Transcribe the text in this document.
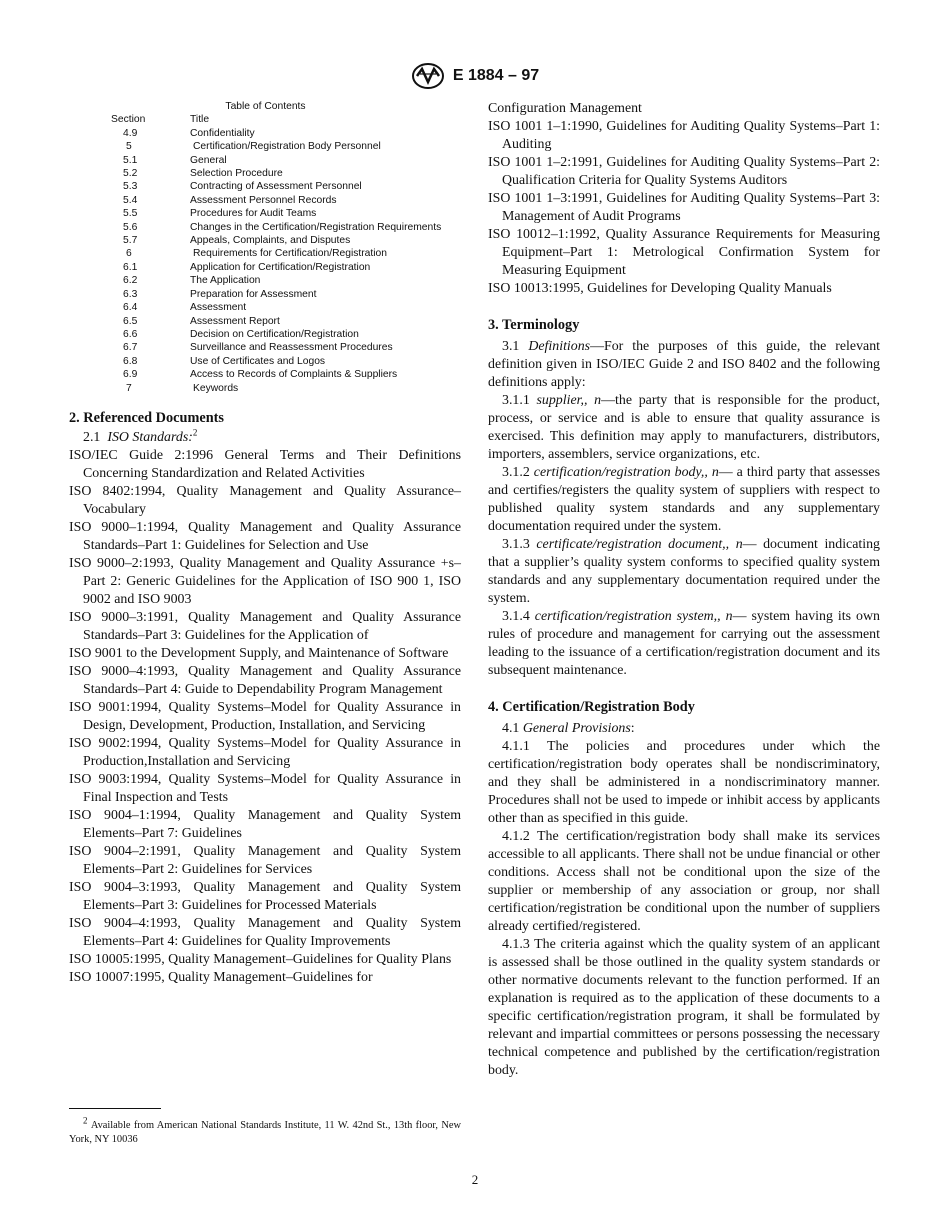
E 1884 – 97
Table of Contents
Section	Title
4.9	Confidentiality
5	Certification/Registration Body Personnel
5.1	General
5.2	Selection Procedure
5.3	Contracting of Assessment Personnel
5.4	Assessment Personnel Records
5.5	Procedures for Audit Teams
5.6	Changes in the Certification/Registration Requirements
5.7	Appeals, Complaints, and Disputes
6	Requirements for Certification/Registration
6.1	Application for Certification/Registration
6.2	The Application
6.3	Preparation for Assessment
6.4	Assessment
6.5	Assessment Report
6.6	Decision on Certification/Registration
6.7	Surveillance and Reassessment Procedures
6.8	Use of Certificates and Logos
6.9	Access to Records of Complaints & Suppliers
7	Keywords
2. Referenced Documents
2.1 ISO Standards:$^2$
ISO/IEC Guide 2:1996 General Terms and Their Definitions Concerning Standardization and Related Activities
ISO 8402:1994, Quality Management and Quality Assurance–Vocabulary
ISO 9000–1:1994, Quality Management and Quality Assurance Standards–Part 1: Guidelines for Selection and Use
ISO 9000–2:1993, Quality Management and Quality Assurance +s–Part 2: Generic Guidelines for the Application of ISO 900 1, ISO 9002 and ISO 9003
ISO 9000–3:1991, Quality Management and Quality Assurance Standards–Part 3: Guidelines for the Application of
ISO 9001 to the Development Supply, and Maintenance of Software
ISO 9000–4:1993, Quality Management and Quality Assurance Standards–Part 4: Guide to Dependability Program Management
ISO 9001:1994, Quality Systems–Model for Quality Assurance in Design, Development, Production, Installation, and Servicing
ISO 9002:1994, Quality Systems–Model for Quality Assurance in Production,Installation and Servicing
ISO 9003:1994, Quality Systems–Model for Quality Assurance in Final Inspection and Tests
ISO 9004–1:1994, Quality Management and Quality System Elements–Part 7: Guidelines
ISO 9004–2:1991, Quality Management and Quality System Elements–Part 2: Guidelines for Services
ISO 9004–3:1993, Quality Management and Quality System Elements–Part 3: Guidelines for Processed Materials
ISO 9004–4:1993, Quality Management and Quality System Elements–Part 4: Guidelines for Quality Improvements
ISO 10005:1995, Quality Management–Guidelines for Quality Plans
ISO 10007:1995, Quality Management–Guidelines for
Configuration Management
ISO 1001 1–1:1990, Guidelines for Auditing Quality Systems–Part 1: Auditing
ISO 1001 1–2:1991, Guidelines for Auditing Quality Systems–Part 2: Qualification Criteria for Quality Systems Auditors
ISO 1001 1–3:1991, Guidelines for Auditing Quality Systems–Part 3: Management of Audit Programs
ISO 10012–1:1992, Quality Assurance Requirements for Measuring Equipment–Part 1: Metrological Confirmation System for Measuring Equipment
ISO 10013:1995, Guidelines for Developing Quality Manuals
3. Terminology
3.1 Definitions—For the purposes of this guide, the relevant definition given in ISO/IEC Guide 2 and ISO 8402 and the following definitions apply:
3.1.1 supplier,, n—the party that is responsible for the product, process, or service and is able to ensure that quality assurance is exercised. This definition may apply to manufacturers, distributors, importers, assemblers, service organizations, etc.
3.1.2 certification/registration body,, n— a third party that assesses and certifies/registers the quality system of suppliers with respect to published quality system standards and any supplementary documentation required under the system.
3.1.3 certificate/registration document,, n— document indicating that a supplier’s quality system conforms to specified quality system standards and any supplementary documentation required under the system.
3.1.4 certification/registration system,, n— system having its own rules of procedure and management for carrying out the assessment leading to the issuance of a certification/registration document and its subsequent maintenance.
4. Certification/Registration Body
4.1 General Provisions:
4.1.1 The policies and procedures under which the certification/registration body operates shall be nondiscriminatory, and they shall be administered in a nondiscriminatory manner. Procedures shall not be used to impede or inhibit access by applicants other than as specified in this guide.
4.1.2 The certification/registration body shall make its services accessible to all applicants. There shall not be undue financial or other conditions. Access shall not be conditional upon the size of the supplier or membership of any association or group, nor shall certification/registration be conditional upon the number of suppliers already certified/registered.
4.1.3 The criteria against which the quality system of an applicant is assessed shall be those outlined in the quality system standards or other normative documents relevant to the function performed. If an explanation is required as to the application of these documents to a specific certification/registration program, it shall be formulated by relevant and impartial committees or persons possessing the necessary technical competence and published by the certification/registration body.

$^2$ Available from American National Standards Institute, 11 W. 42nd St., 13th floor, New York, NY 10036

2
